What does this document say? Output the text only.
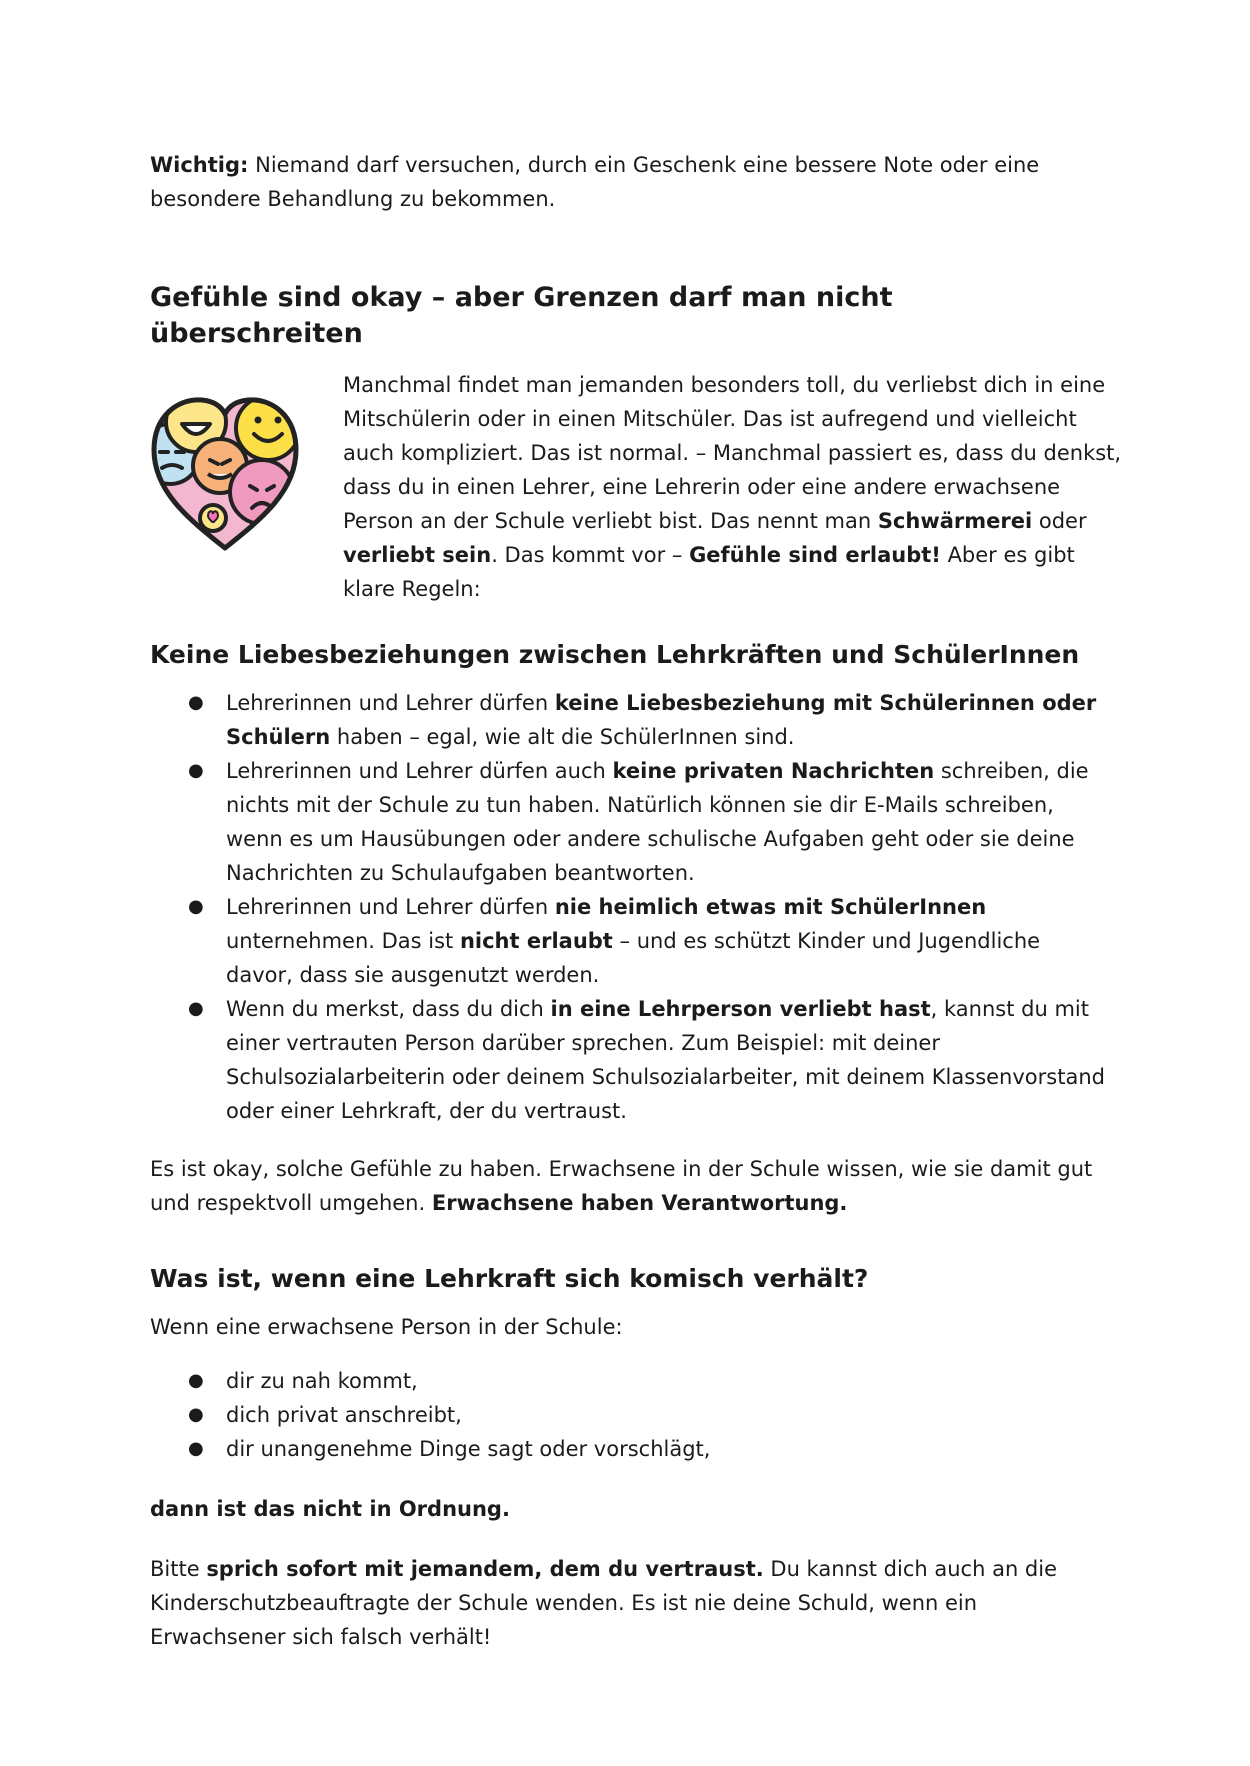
Wichtig: Niemand darf versuchen, durch ein Geschenk eine bessere Note oder eine besondere Behandlung zu bekommen.

Gefühle sind okay – aber Grenzen darf man nicht überschreiten

Manchmal findet man jemanden besonders toll, du verliebst dich in eine Mitschülerin oder in einen Mitschüler. Das ist aufregend und vielleicht auch kompliziert. Das ist normal. – Manchmal passiert es, dass du denkst, dass du in einen Lehrer, eine Lehrerin oder eine andere erwachsene Person an der Schule verliebt bist. Das nennt man Schwärmerei oder verliebt sein. Das kommt vor – Gefühle sind erlaubt! Aber es gibt klare Regeln:

Keine Liebesbeziehungen zwischen Lehrkräften und SchülerInnen
● Lehrerinnen und Lehrer dürfen keine Liebesbeziehung mit Schülerinnen oder Schülern haben – egal, wie alt die SchülerInnen sind.
● Lehrerinnen und Lehrer dürfen auch keine privaten Nachrichten schreiben, die nichts mit der Schule zu tun haben. Natürlich können sie dir E-Mails schreiben, wenn es um Hausübungen oder andere schulische Aufgaben geht oder sie deine Nachrichten zu Schulaufgaben beantworten.
● Lehrerinnen und Lehrer dürfen nie heimlich etwas mit SchülerInnen unternehmen. Das ist nicht erlaubt – und es schützt Kinder und Jugendliche davor, dass sie ausgenutzt werden.
● Wenn du merkst, dass du dich in eine Lehrperson verliebt hast, kannst du mit einer vertrauten Person darüber sprechen. Zum Beispiel: mit deiner Schulsozialarbeiterin oder deinem Schulsozialarbeiter, mit deinem Klassenvorstand oder einer Lehrkraft, der du vertraust.

Es ist okay, solche Gefühle zu haben. Erwachsene in der Schule wissen, wie sie damit gut und respektvoll umgehen. Erwachsene haben Verantwortung.

Was ist, wenn eine Lehrkraft sich komisch verhält?

Wenn eine erwachsene Person in der Schule:

● dir zu nah kommt,
● dich privat anschreibt,
● dir unangenehme Dinge sagt oder vorschlägt,

dann ist das nicht in Ordnung.

Bitte sprich sofort mit jemandem, dem du vertraust. Du kannst dich auch an die Kinderschutzbeauftragte der Schule wenden. Es ist nie deine Schuld, wenn ein Erwachsener sich falsch verhält!
